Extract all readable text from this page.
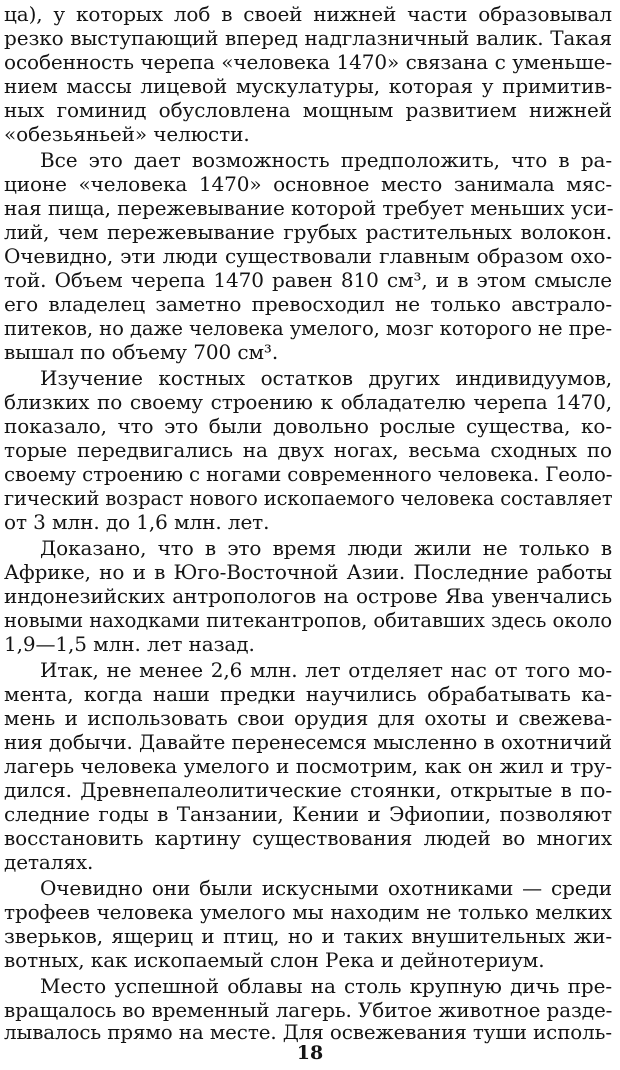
ца), у которых лоб в своей нижней части образовывал
резко выступающий вперед надглазничный валик. Такая
особенность черепа «человека 1470» связана с уменьше-
нием массы лицевой мускулатуры, которая у примитив-
ных гоминид обусловлена мощным развитием нижней
«обезьяньей» челюсти.
Все это дает возможность предположить, что в ра-
ционе «человека 1470» основное место занимала мяс-
ная пища, пережевывание которой требует меньших уси-
лий, чем пережевывание грубых растительных волокон.
Очевидно, эти люди существовали главным образом охо-
той. Объем черепа 1470 равен 810 см³, и в этом смысле
его владелец заметно превосходил не только австрало-
питеков, но даже человека умелого, мозг которого не пре-
вышал по объему 700 см³.
Изучение костных остатков других индивидуумов,
близких по своему строению к обладателю черепа 1470,
показало, что это были довольно рослые существа, ко-
торые передвигались на двух ногах, весьма сходных по
своему строению с ногами современного человека. Геоло-
гический возраст нового ископаемого человека составляет
от 3 млн. до 1,6 млн. лет.
Доказано, что в это время люди жили не только в
Африке, но и в Юго-Восточной Азии. Последние работы
индонезийских антропологов на острове Ява увенчались
новыми находками питекантропов, обитавших здесь около
1,9—1,5 млн. лет назад.
Итак, не менее 2,6 млн. лет отделяет нас от того мо-
мента, когда наши предки научились обрабатывать ка-
мень и использовать свои орудия для охоты и свежева-
ния добычи. Давайте перенесемся мысленно в охотничий
лагерь человека умелого и посмотрим, как он жил и тру-
дился. Древнепалеолитические стоянки, открытые в по-
следние годы в Танзании, Кении и Эфиопии, позволяют
восстановить картину существования людей во многих
деталях.
Очевидно они были искусными охотниками — среди
трофеев человека умелого мы находим не только мелких
зверьков, ящериц и птиц, но и таких внушительных жи-
вотных, как ископаемый слон Река и дейнотериум.
Место успешной облавы на столь крупную дичь пре-
вращалось во временный лагерь. Убитое животное разде-
лывалось прямо на месте. Для освежевания туши исполь-
18
